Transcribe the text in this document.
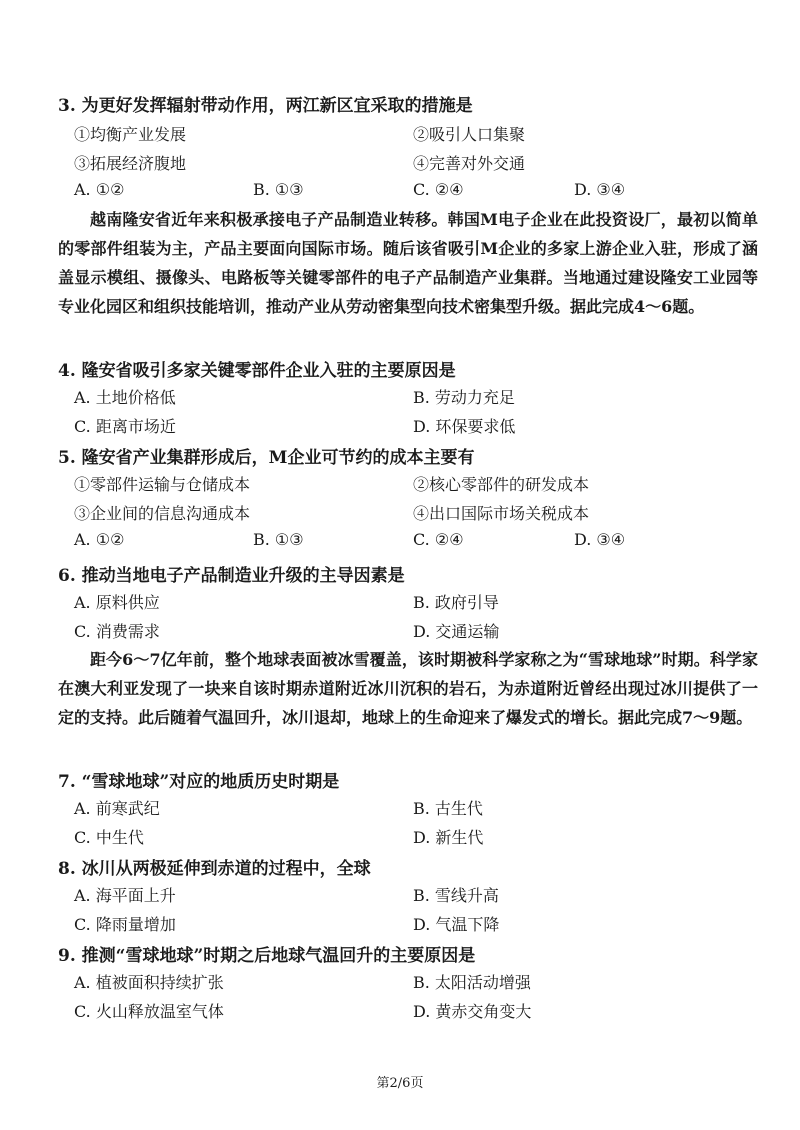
3. 为更好发挥辐射带动作用，两江新区宜采取的措施是
①均衡产业发展	②吸引人口集聚
③拓展经济腹地	④完善对外交通
A. ①②	B. ①③	C. ②④	D. ③④

越南隆安省近年来积极承接电子产品制造业转移。韩国M电子企业在此投资设厂，最初以简单的零部件组装为主，产品主要面向国际市场。随后该省吸引M企业的多家上游企业入驻，形成了涵盖显示模组、摄像头、电路板等关键零部件的电子产品制造产业集群。当地通过建设隆安工业园等专业化园区和组织技能培训，推动产业从劳动密集型向技术密集型升级。据此完成4～6题。

4. 隆安省吸引多家关键零部件企业入驻的主要原因是
A. 土地价格低	B. 劳动力充足
C. 距离市场近	D. 环保要求低
5. 隆安省产业集群形成后，M企业可节约的成本主要有
①零部件运输与仓储成本	②核心零部件的研发成本
③企业间的信息沟通成本	④出口国际市场关税成本
A. ①②	B. ①③	C. ②④	D. ③④
6. 推动当地电子产品制造业升级的主导因素是
A. 原料供应	B. 政府引导
C. 消费需求	D. 交通运输

距今6～7亿年前，整个地球表面被冰雪覆盖，该时期被科学家称之为“雪球地球”时期。科学家在澳大利亚发现了一块来自该时期赤道附近冰川沉积的岩石，为赤道附近曾经出现过冰川提供了一定的支持。此后随着气温回升，冰川退却，地球上的生命迎来了爆发式的增长。据此完成7～9题。

7. “雪球地球”对应的地质历史时期是
A. 前寒武纪	B. 古生代
C. 中生代	D. 新生代
8. 冰川从两极延伸到赤道的过程中，全球
A. 海平面上升	B. 雪线升高
C. 降雨量增加	D. 气温下降
9. 推测“雪球地球”时期之后地球气温回升的主要原因是
A. 植被面积持续扩张	B. 太阳活动增强
C. 火山释放温室气体	D. 黄赤交角变大
第2/6页
